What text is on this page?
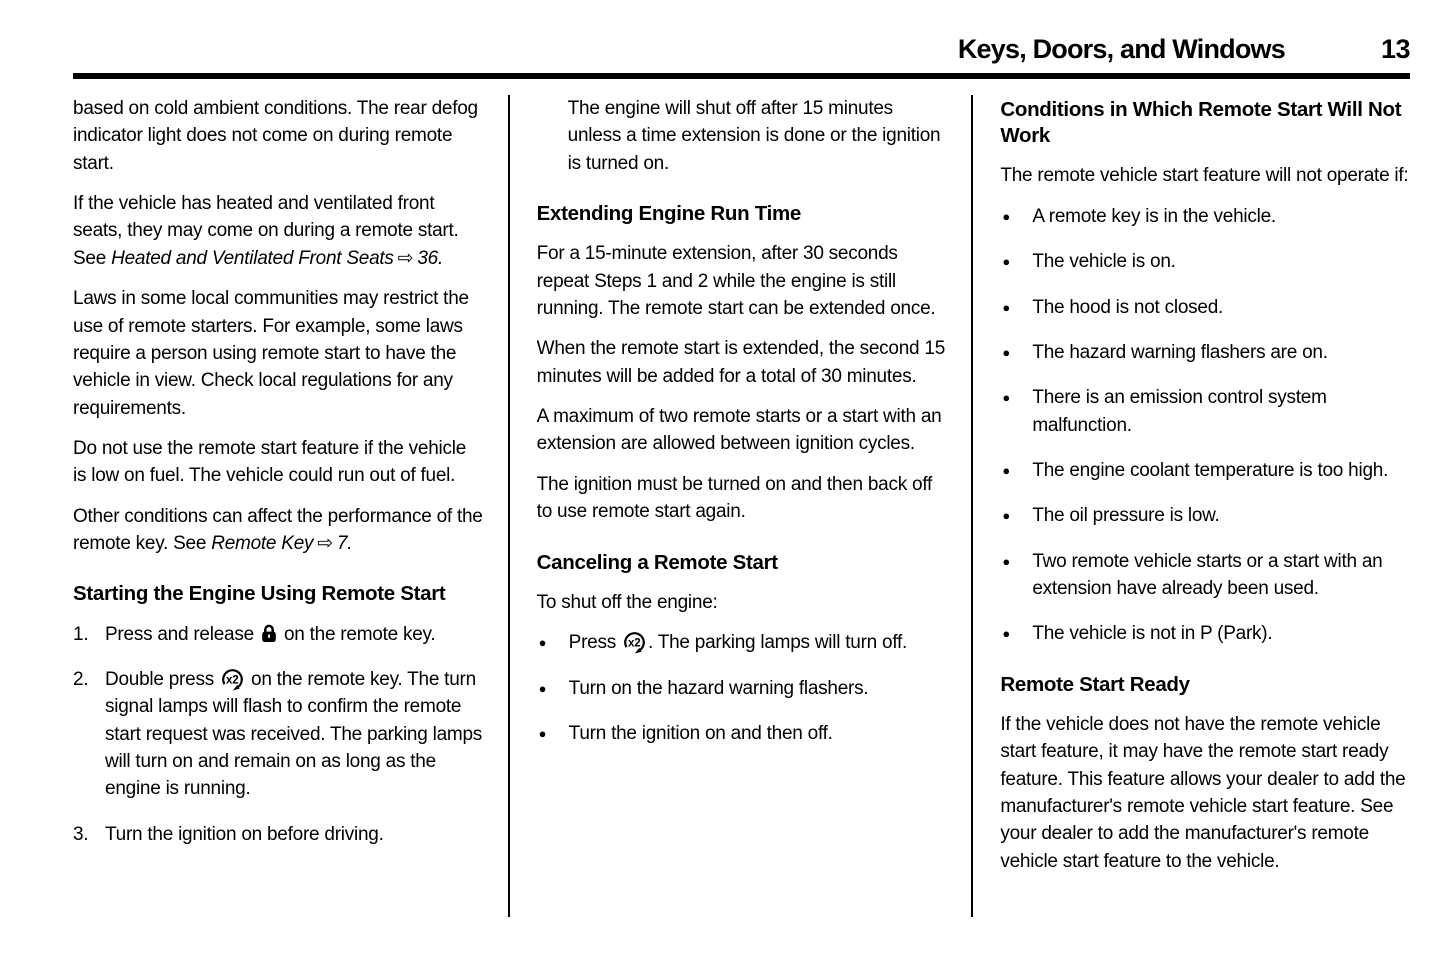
Keys, Doors, and Windows	13
based on cold ambient conditions. The rear defog indicator light does not come on during remote start.
If the vehicle has heated and ventilated front seats, they may come on during a remote start. See Heated and Ventilated Front Seats ⇨ 36.
Laws in some local communities may restrict the use of remote starters. For example, some laws require a person using remote start to have the vehicle in view. Check local regulations for any requirements.
Do not use the remote start feature if the vehicle is low on fuel. The vehicle could run out of fuel.
Other conditions can affect the performance of the remote key. See Remote Key ⇨ 7.
Starting the Engine Using Remote Start
1. Press and release  on the remote key.
2. Double press x2 on the remote key. The turn signal lamps will flash to confirm the remote start request was received. The parking lamps will turn on and remain on as long as the engine is running.
3. Turn the ignition on before driving.
The engine will shut off after 15 minutes unless a time extension is done or the ignition is turned on.
Extending Engine Run Time
For a 15-minute extension, after 30 seconds repeat Steps 1 and 2 while the engine is still running. The remote start can be extended once.
When the remote start is extended, the second 15 minutes will be added for a total of 30 minutes.
A maximum of two remote starts or a start with an extension are allowed between ignition cycles.
The ignition must be turned on and then back off to use remote start again.
Canceling a Remote Start
To shut off the engine:
●	Press x2 . The parking lamps will turn off.
●	Turn on the hazard warning flashers.
●	Turn the ignition on and then off.
Conditions in Which Remote Start Will Not Work
The remote vehicle start feature will not operate if:
●	A remote key is in the vehicle.
●	The vehicle is on.
●	The hood is not closed.
●	The hazard warning flashers are on.
●	There is an emission control system malfunction.
●	The engine coolant temperature is too high.
●	The oil pressure is low.
●	Two remote vehicle starts or a start with an extension have already been used.
●	The vehicle is not in P (Park).
Remote Start Ready
If the vehicle does not have the remote vehicle start feature, it may have the remote start ready feature. This feature allows your dealer to add the manufacturer's remote vehicle start feature. See your dealer to add the manufacturer's remote vehicle start feature to the vehicle.
